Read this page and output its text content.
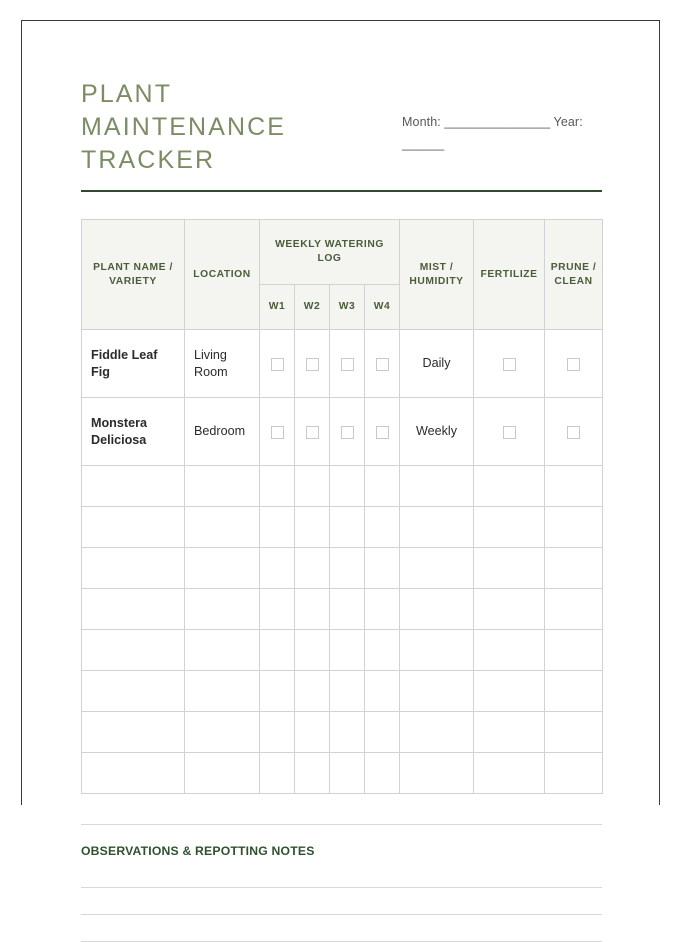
PLANT MAINTENANCE TRACKER
Month: _______________ Year: ______
PLANT NAME / VARIETY	LOCATION	WEEKLY WATERING LOG				MIST / HUMIDITY	FERTILIZE	PRUNE / CLEAN
		W1	W2	W3	W4			
Fiddle Leaf Fig	Living Room					Daily		
Monstera Deliciosa	Bedroom					Weekly		

OBSERVATIONS & REPOTTING NOTES
